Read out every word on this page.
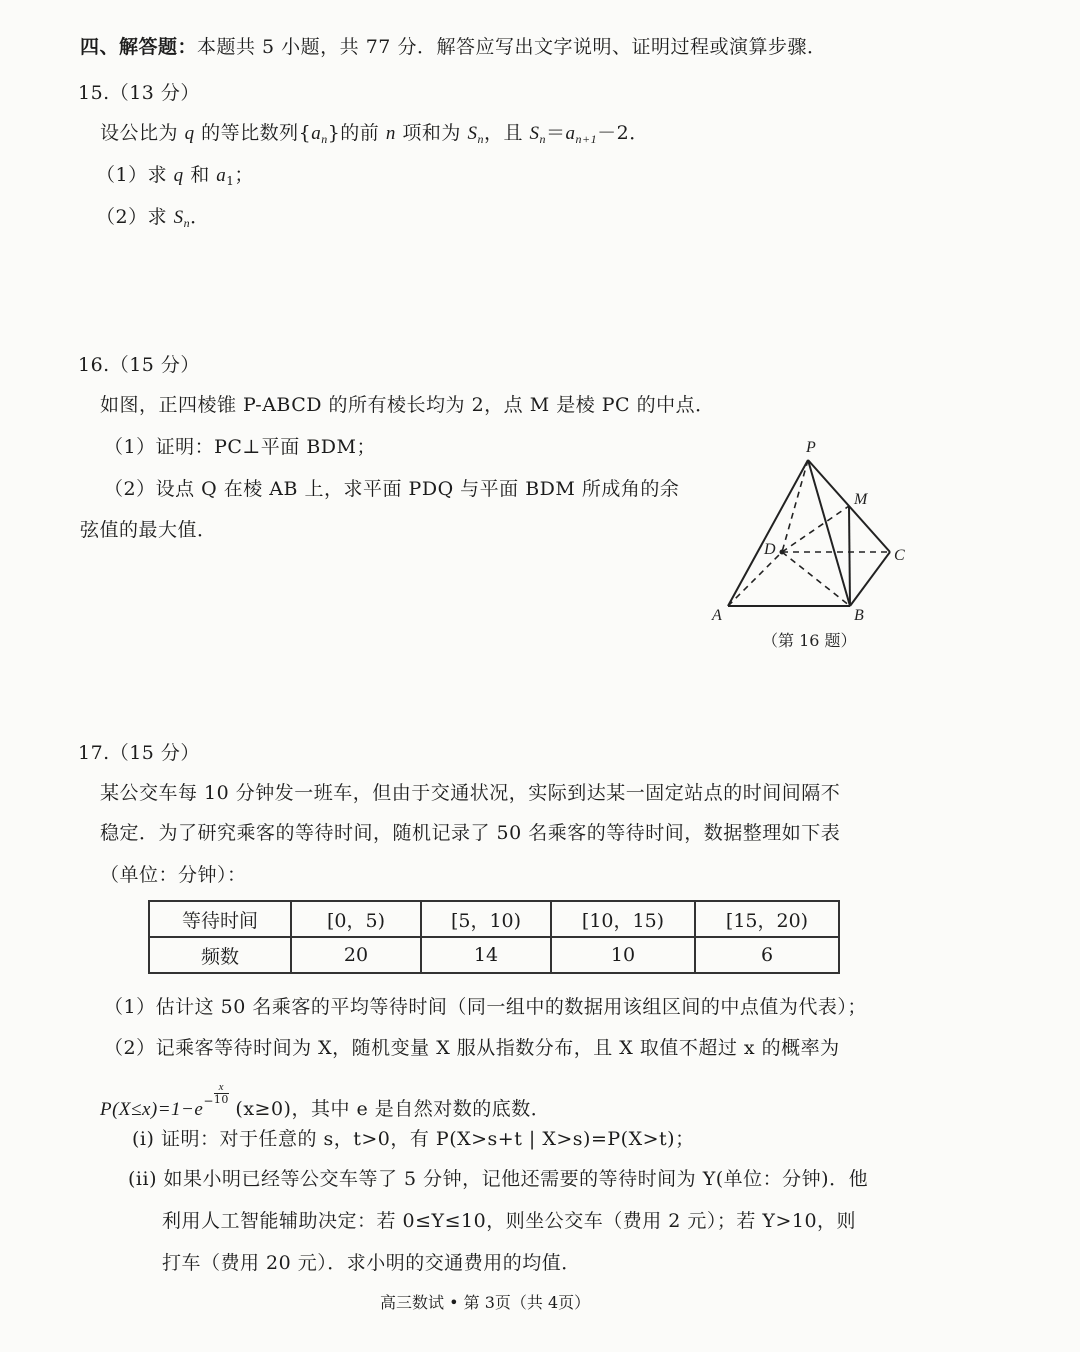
四、解答题：本题共 5 小题，共 77 分．解答应写出文字说明、证明过程或演算步骤．
15.（13 分）
设公比为 q 的等比数列$\{a_n\}$的前 n 项和为 $S_n$，且 $S_n=a_{n+1}-2$．
（1）求 q 和 $a_1$；
（2）求 $S_n$．
16.（15 分）
如图，正四棱锥 P-ABCD 的所有棱长均为 2，点 M 是棱 PC 的中点．
（1）证明：PC⊥平面 BDM；
（2）设点 Q 在棱 AB 上，求平面 PDQ 与平面 BDM 所成角的余
弦值的最大值．
P
M
D	C
A	B
（第 16 题）
17.（15 分）
某公交车每 10 分钟发一班车，但由于交通状况，实际到达某一固定站点的时间间隔不
稳定．为了研究乘客的等待时间，随机记录了 50 名乘客的等待时间，数据整理如下表
（单位：分钟）：
等待时间	[0，5)	[5，10)	[10，15)	[15，20)
频数	20	14	10	6
（1）估计这 50 名乘客的平均等待时间（同一组中的数据用该组区间的中点值为代表）；
（2）记乘客等待时间为 X，随机变量 X 服从指数分布，且 X 取值不超过 x 的概率为
$P(X\le x)=1-e^- \frac{x}{10}$
(x≥0)，其中 e 是自然对数的底数．
(i) 证明：对于任意的 s，t>0，有 P(X>s+t | X>s)=P(X>t)；
(ii) 如果小明已经等公交车等了 5 分钟，记他还需要的等待时间为 Y(单位：分钟)．他
利用人工智能辅助决定：若 0≤Y≤10，则坐公交车（费用 2 元）；若 Y>10，则
打车（费用 20 元）．求小明的交通费用的均值．
高三数试 • 第 3页（共 4页）
